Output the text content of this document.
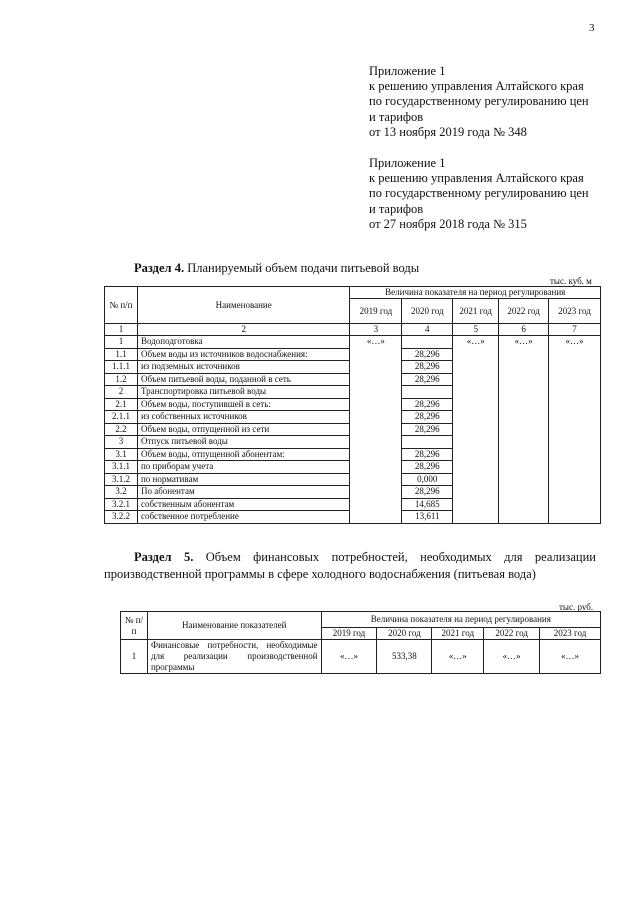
3
Приложение 1
к решению управления Алтайского края
по государственному регулированию цен
и тарифов
от 13 ноября 2019 года № 348
Приложение 1
к решению управления Алтайского края
по государственному регулированию цен
и тарифов
от 27 ноября 2018 года № 315
Раздел 4. Планируемый объем подачи питьевой воды
тыс. куб. м
№ п/п	Наименование	Величина показателя на период регулирования				
		2019 год	2020 год	2021 год	2022 год	2023 год
1	2	3	4	5	6	7
1	Водоподготовка	«…»		«…»	«…»	«…»
1.1	Объем воды из источников водоснабжения:		28,296			
1.1.1	из подземных источников		28,296			
1.2	Объем питьевой воды, поданной в сеть		28,296			
2	Транспортировка питьевой воды					
2.1	Объем воды, поступившей в сеть:		28,296			
2.1.1	из собственных источников		28,296			
2.2	Объем воды, отпущенной из сети		28,296			
3	Отпуск питьевой воды					
3.1	Объем воды, отпущенной абонентам:		28,296			
3.1.1	по приборам учета		28,296			
3.1.2	по нормативам		0,000			
3.2	По абонентам		28,296			
3.2.1	собственным абонентам		14,685			
3.2.2	собственное потребление		13,611			
Раздел 5. Объем финансовых потребностей, необходимых для реализации производственной программы в сфере холодного водоснабжения (питьевая вода)
тыс. руб.
№ п/п	Наименование показателей	Величина показателя на период регулирования				
		2019 год	2020 год	2021 год	2022 год	2023 год
1	Финансовые потребности, необходимые для реализации производственной программы	«…»	533,38	«…»	«…»	«…»
